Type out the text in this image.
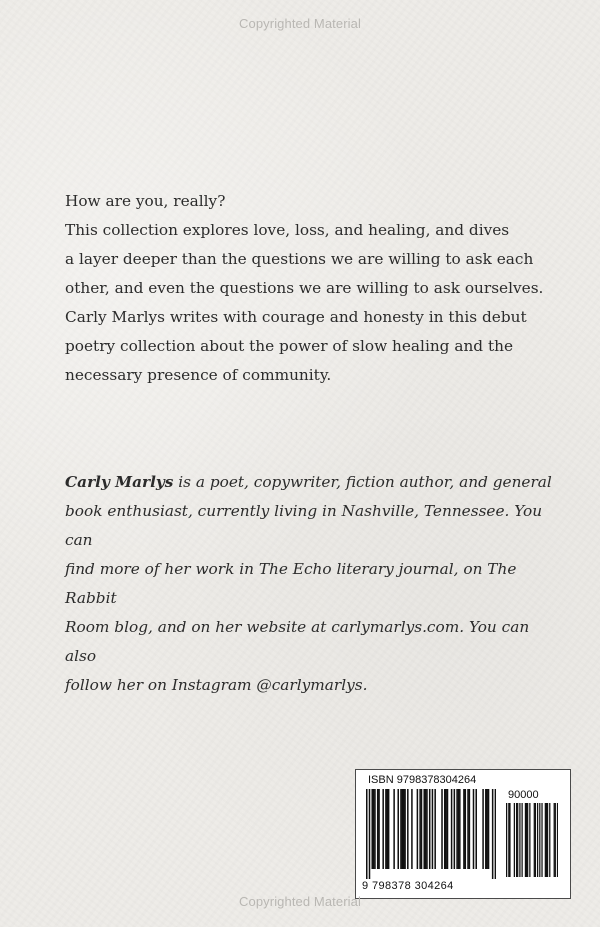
Copyrighted Material

How are you, really?

This collection explores love, loss, and healing, and dives

a layer deeper than the questions we are willing to ask each

other, and even the questions we are willing to ask ourselves.

Carly Marlys writes with courage and honesty in this debut

poetry collection about the power of slow healing and the

necessary presence of community.

Carly Marlys is a poet, copywriter, fiction author, and general
book enthusiast, currently living in Nashville, Tennessee. You can
find more of her work in The Echo literary journal, on The Rabbit
Room blog, and on her website at carlymarlys.com. You can also
follow her on Instagram @carlymarlys.
ISBN 9798378304264
90000
9 798378 304264
Copyrighted Material
